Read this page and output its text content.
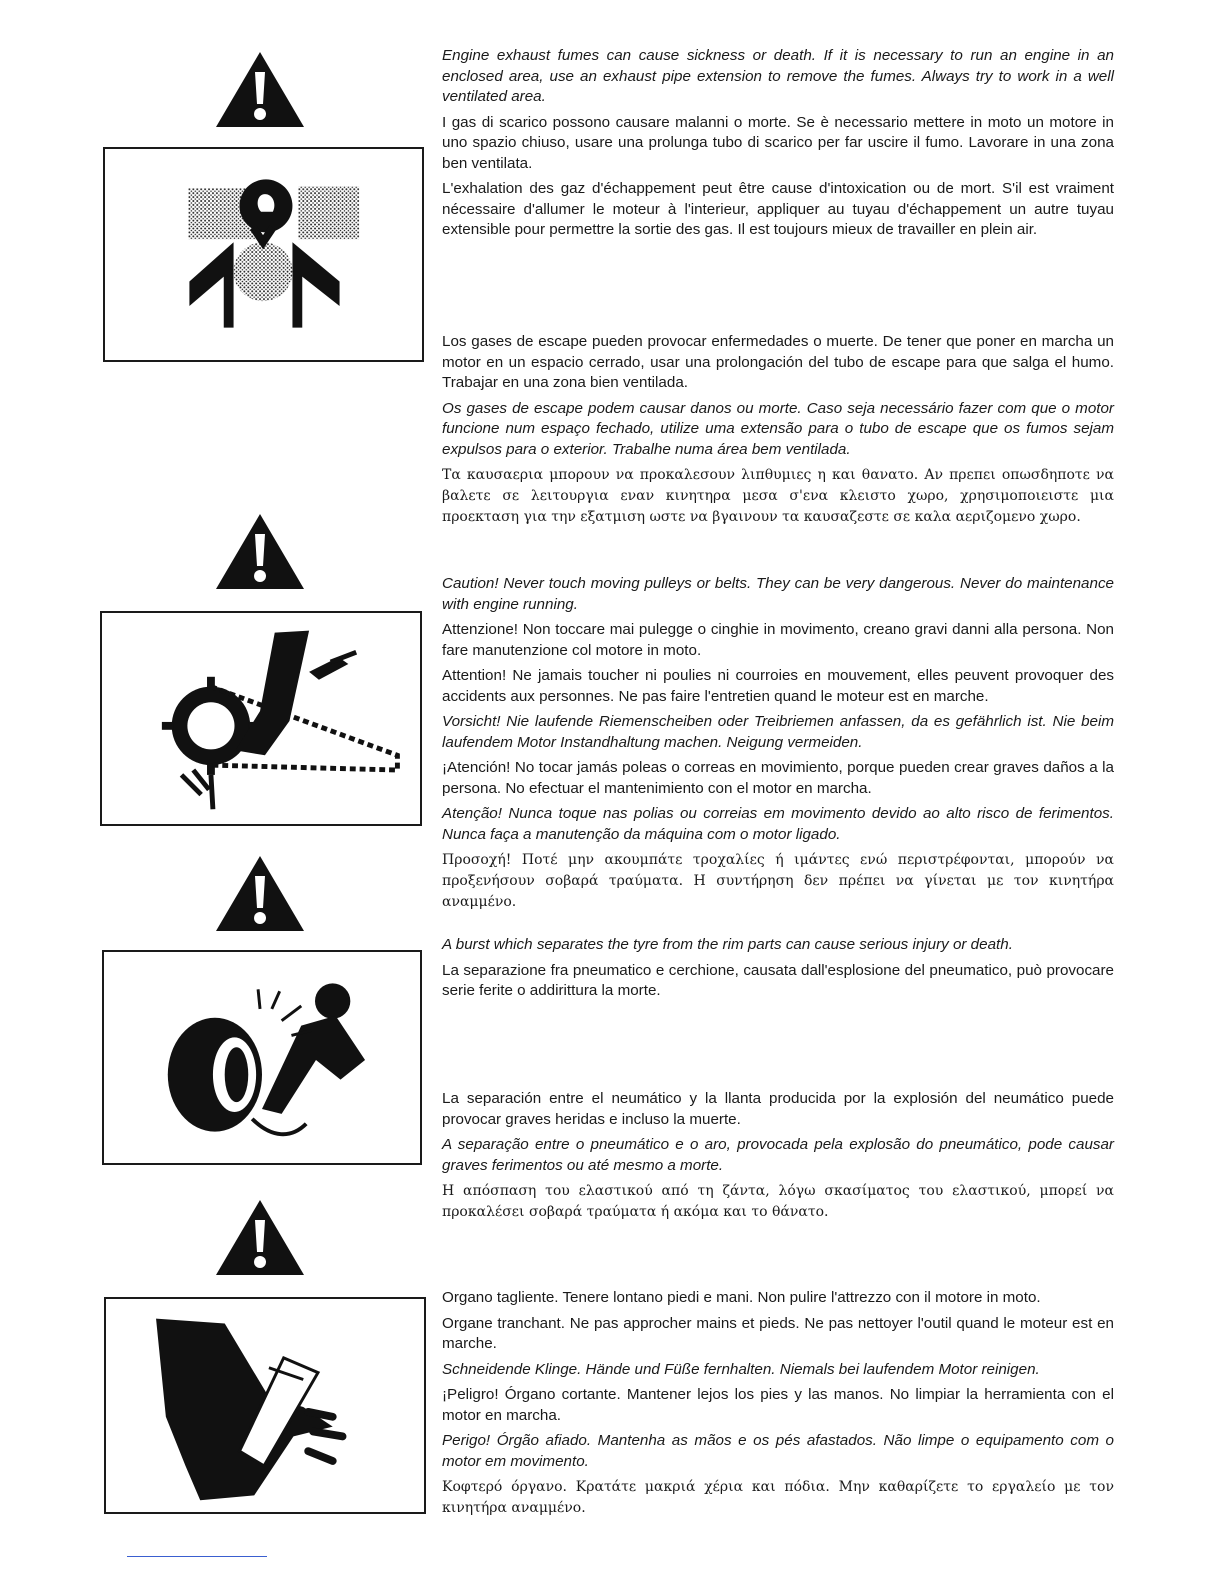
Engine exhaust fumes can cause sickness or death. If it is necessary to run an engine in an enclosed area, use an exhaust pipe extension to remove the fumes. Always try to work in a well ventilated area.

I gas di scarico possono causare malanni o morte. Se è necessario mettere in moto un motore in uno spazio chiuso, usare una prolunga tubo di scarico per far uscire il fumo. Lavorare in una zona ben ventilata.

L'exhalation des gaz d'échappement peut être cause d'intoxication ou de mort. S'il est vraiment nécessaire d'allumer le moteur à l'interieur, appliquer au tuyau d'échappement un autre tuyau extensible pour permettre la sortie des gas. Il est toujours mieux de travailler en plein air.

Los gases de escape pueden provocar enfermedades o muerte. De tener que poner en marcha un motor en un espacio cerrado, usar una prolongación del tubo de escape para que salga el humo. Trabajar en una zona bien ventilada.

Os gases de escape podem causar danos ou morte. Caso seja necessário fazer com que o motor funcione num espaço fechado, utilize uma extensão para o tubo de escape que os fumos sejam expulsos para o exterior. Trabalhe numa área bem ventilada.

Τα καυσαερια μπορουν να προκαλεσουν λιπθυμιες η και θανατο. Αν πρεπει οπωσδηποτε να βαλετε σε λειτουργια εναν κινητηρα μεσα σ'ενα κλειστο χωρο, χρησιμοποιειστε μια προεκταση για την εξατμιση ωστε να βγαινουν τα καυσαζεστε σε καλα αεριζομενο χωρο.

Caution! Never touch moving pulleys or belts. They can be very dangerous. Never do maintenance with engine running.

Attenzione! Non toccare mai pulegge o cinghie in movimento, creano gravi danni alla persona. Non fare manutenzione col motore in moto.

Attention! Ne jamais toucher ni poulies ni courroies en mouvement, elles peuvent provoquer des accidents aux personnes. Ne pas faire l'entretien quand le moteur est en marche.

Vorsicht! Nie laufende Riemenscheiben oder Treibriemen anfassen, da es gefährlich ist. Nie beim laufendem Motor Instandhaltung machen. Neigung vermeiden.

¡Atención! No tocar jamás poleas o correas en movimiento, porque pueden crear graves daños a la persona. No efectuar el mantenimiento con el motor en marcha.

Atenção! Nunca toque nas polias ou correias em movimento devido ao alto risco de ferimentos. Nunca faça a manutenção da máquina com o motor ligado.

Προσοχή! Ποτέ μην ακουμπάτε τροχαλίες ή ιμάντες ενώ περιστρέφονται, μπορούν να προξενήσουν σοβαρά τραύματα. Η συντήρηση δεν πρέπει να γίνεται με τον κινητήρα αναμμένο.

A burst which separates the tyre from the rim parts can cause serious injury or death.

La separazione fra pneumatico e cerchione, causata dall'esplosione del pneumatico, può provocare serie ferite o addirittura la morte.

La separación entre el neumático y la llanta producida por la explosión del neumático puede provocar graves heridas e incluso la muerte.

A separação entre o pneumático e o aro, provocada pela explosão do pneumático, pode causar graves ferimentos ou até mesmo a morte.

Η απόσπαση του ελαστικού από τη ζάντα, λόγω σκασίματος του ελαστικού, μπορεί να προκαλέσει σοβαρά τραύματα ή ακόμα και το θάνατο.

Organo tagliente. Tenere lontano piedi e mani. Non pulire l'attrezzo con il motore in moto.

Organe tranchant. Ne pas approcher mains et pieds. Ne pas nettoyer l'outil quand le moteur est en marche.

Schneidende Klinge. Hände und Füße fernhalten. Niemals bei laufendem Motor reinigen.

¡Peligro! Órgano cortante. Mantener lejos los pies y las manos. No limpiar la herramienta con el motor en marcha.

Perigo! Órgão afiado. Mantenha as mãos e os pés afastados. Não limpe o equipamento com o motor em movimento.

Κοφτερό όργανο. Κρατάτε μακριά χέρια και πόδια. Μην καθαρίζετε το εργαλείο με τον κινητήρα αναμμένο.
